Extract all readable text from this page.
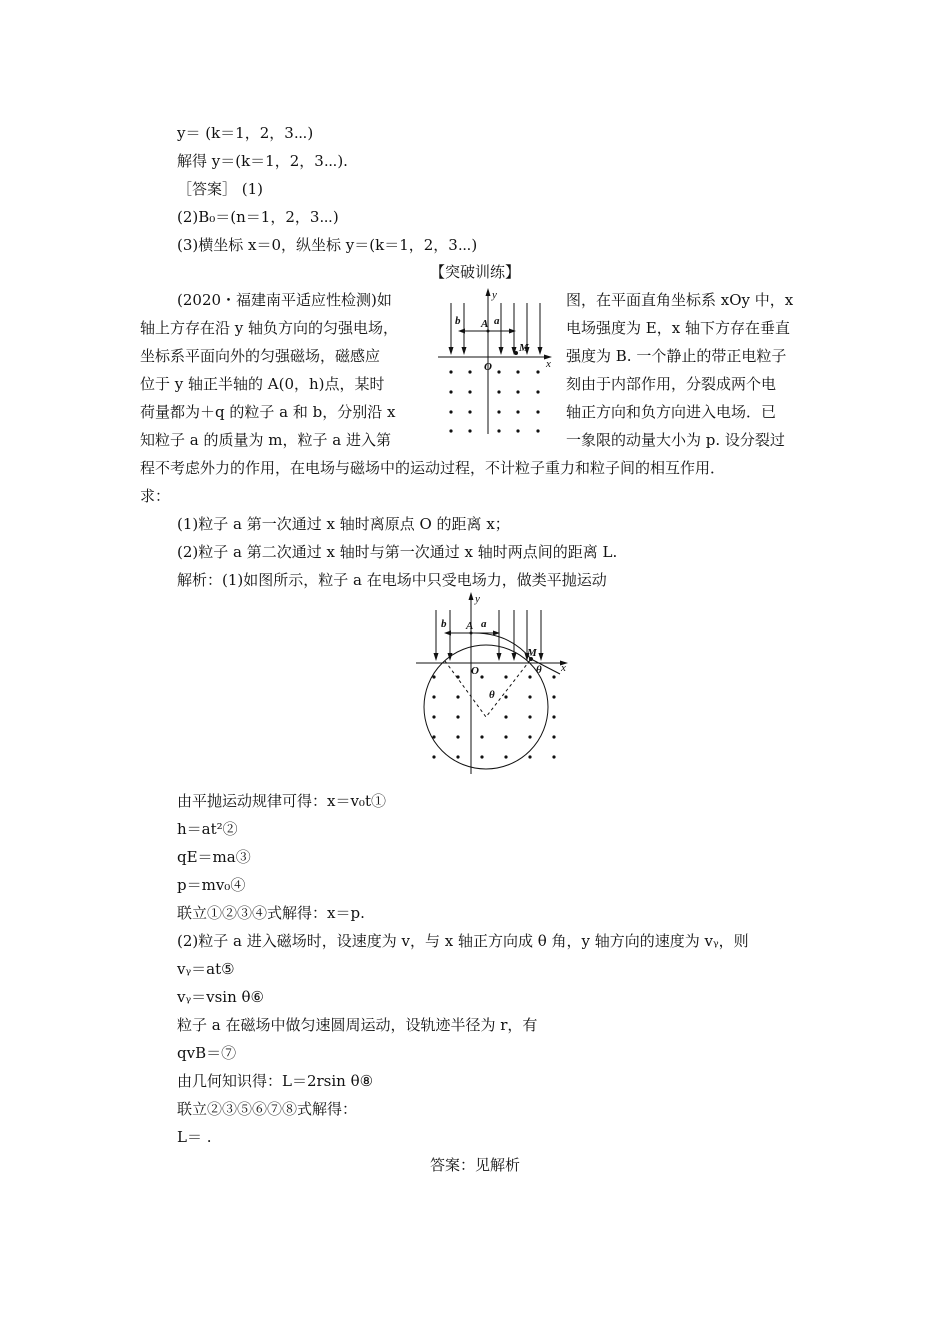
y＝ (k＝1，2，3⋯)
解得 y＝(k＝1，2，3⋯).
［答案］ (1)
(2)B₀＝(n＝1，2，3⋯)
(3)横坐标 x＝0，纵坐标 y＝(k＝1，2，3⋯)
【突破训练】
(2020・福建南平适应性检测)如	图，在平面直角坐标系 xOy 中，x
轴上方存在沿 y 轴负方向的匀强电场，	电场强度为 E，x 轴下方存在垂直
坐标系平面向外的匀强磁场，磁感应	强度为 B. 一个静止的带正电粒子
位于 y 轴正半轴的 A(0，h)点，某时	刻由于内部作用，分裂成两个电
荷量都为＋q 的粒子 a 和 b，分别沿 x	轴正方向和负方向进入电场．已
知粒子 a 的质量为 m，粒子 a 进入第	一象限的动量大小为 p. 设分裂过
程不考虑外力的作用，在电场与磁场中的运动过程，不计粒子重力和粒子间的相互作用．
求：
(1)粒子 a 第一次通过 x 轴时离原点 O 的距离 x；
(2)粒子 a 第二次通过 x 轴时与第一次通过 x 轴时两点间的距离 L.
解析：(1)如图所示，粒子 a 在电场中只受电场力，做类平抛运动
由平抛运动规律可得：x＝v₀t①
h＝at²②
qE＝ma③
p＝mv₀④
联立①②③④式解得：x＝p.
(2)粒子 a 进入磁场时，设速度为 v，与 x 轴正方向成 θ 角，y 轴方向的速度为 vᵧ，则
vᵧ＝at⑤
vᵧ＝vsin θ⑥
粒子 a 在磁场中做匀速圆周运动，设轨迹半径为 r，有
qvB＝⑦
由几何知识得：L＝2rsin θ⑧
联立②③⑤⑥⑦⑧式解得：
L＝ .
答案：见解析
y
x
b A a
M
O
y
x
b A a
M
O	θ
θ
